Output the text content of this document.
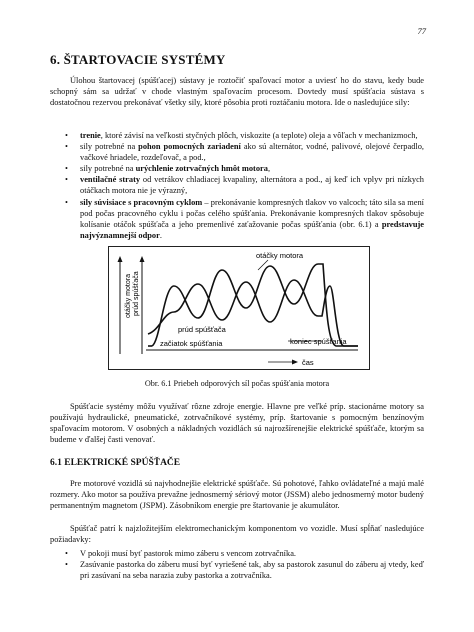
77
6. ŠTARTOVACIE SYSTÉMY

Úlohou štartovacej (spúšťacej) sústavy je roztočiť spaľovací motor a uviesť ho do stavu, kedy bude schopný sám sa udržať v chode vlastným spaľovacím procesom. Dovtedy musí spúšťacia sústava s dostatočnou rezervou prekonávať všetky sily, ktoré pôsobia proti roztáčaniu motora. Ide o nasledujúce sily:

• trenie, ktoré závisí na veľkosti styčných plôch, viskozite (a teplote) oleja a vôľach v mechanizmoch,
• sily potrebné na pohon pomocných zariadení ako sú alternátor, vodné, palivové, olejové čerpadlo, vačkové hriadele, rozdeľovač, a pod.,
• sily potrebné na urýchlenie zotrvačných hmôt motora,
• ventilačné straty od vetrákov chladiacej kvapaliny, alternátora a pod., aj keď ich vplyv pri nízkych otáčkach motora nie je výrazný,
• sily súvisiace s pracovným cyklom – prekonávanie kompresných tlakov vo valcoch; táto sila sa mení pod počas pracovného cyklu i počas celého spúšťania. Prekonávanie kompresných tlakov spôsobuje kolísanie otáčok spúšťača a jeho premenlivé zaťažovanie počas spúšťania (obr. 6.1) a predstavuje najvýznamnejší odpor.
otáčky motora prúd spúšťača
čas
otáčky motora
prúd spúšťača
začiatok spúšťania	koniec spúšťania
Obr. 6.1 Priebeh odporových síl počas spúšťania motora

Spúšťacie systémy môžu využívať rôzne zdroje energie. Hlavne pre veľké príp. stacionárne motory sa používajú hydraulické, pneumatické, zotrvačníkové systémy, príp. štartovanie s pomocným benzínovým spaľovacím motorom. V osobných a nákladných vozidlách sú najrozšírenejšie elektrické spúšťače, ktorým sa budeme v ďalšej časti venovať.

6.1 ELEKTRICKÉ SPÚŠŤAČE

Pre motorové vozidlá sú najvhodnejšie elektrické spúšťače. Sú pohotové, ľahko ovládateľné a majú malé rozmery. Ako motor sa používa prevažne jednosmerný sériový motor (JSSM) alebo jednosmerný motor budený permanentným magnetom (JSPM). Zásobníkom energie pre štartovanie je akumulátor.

Spúšťač patrí k najzložitejším elektromechanickým komponentom vo vozidle. Musí spĺňať nasledujúce požiadavky:

• V pokoji musí byť pastorok mimo záberu s vencom zotrvačníka.
• Zasúvanie pastorka do záberu musí byť vyriešené tak, aby sa pastorok zasunul do záberu aj vtedy, keď pri zasúvaní na seba narazia zuby pastorka a zotrvačníka.
